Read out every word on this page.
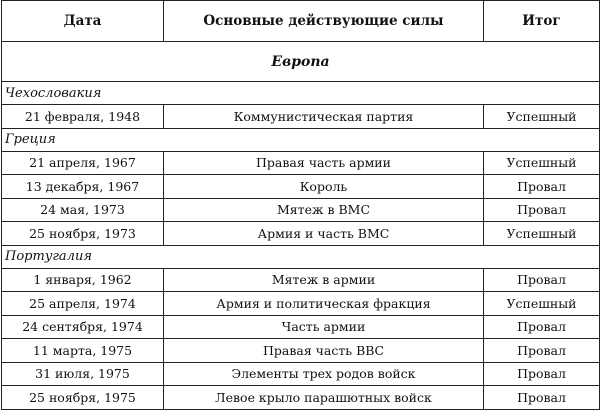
Дата	Основные действующие силы	Итог
Европа		
Чехословакия		
21 февраля, 1948	Коммунистическая партия	Успешный
Греция		
21 апреля, 1967	Правая часть армии	Успешный
13 декабря, 1967	Король	Провал
24 мая, 1973	Мятеж в ВМС	Провал
25 ноября, 1973	Армия и часть ВМС	Успешный
Португалия		
1 января, 1962	Мятеж в армии	Провал
25 апреля, 1974	Армия и политическая фракция	Успешный
24 сентября, 1974	Часть армии	Провал
11 марта, 1975	Правая часть ВВС	Провал
31 июля, 1975	Элементы трех родов войск	Провал
25 ноября, 1975	Левое крыло парашютных войск	Провал
